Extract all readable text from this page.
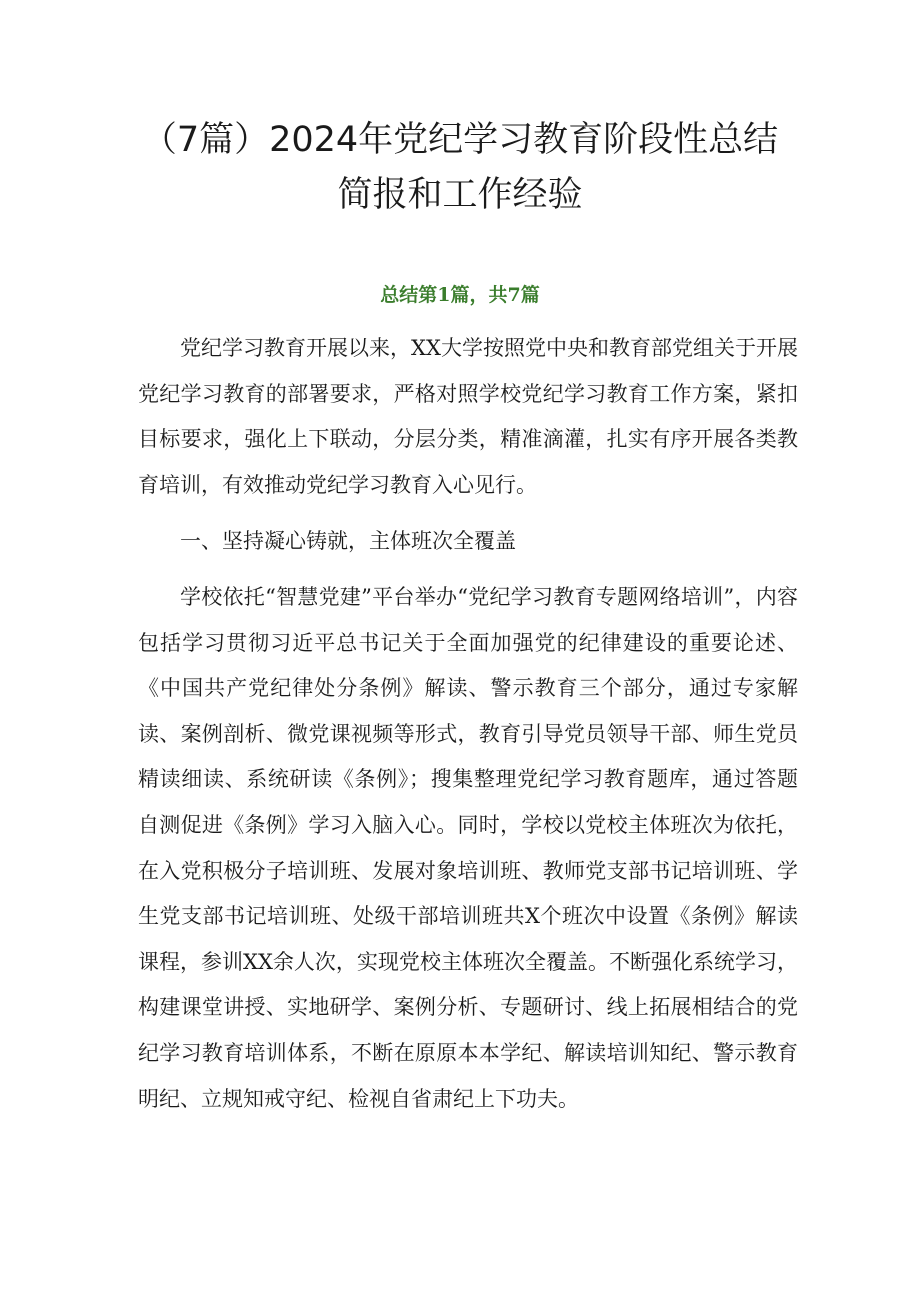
（7篇）2024年党纪学习教育阶段性总结
简报和工作经验
总结第1篇，共7篇

党纪学习教育开展以来，XX大学按照党中央和教育部党组关于开展党纪学习教育的部署要求，严格对照学校党纪学习教育工作方案，紧扣目标要求，强化上下联动，分层分类，精准滴灌，扎实有序开展各类教育培训，有效推动党纪学习教育入心见行。

一、坚持凝心铸就，主体班次全覆盖

学校依托“智慧党建”平台举办“党纪学习教育专题网络培训”，内容包括学习贯彻习近平总书记关于全面加强党的纪律建设的重要论述、《中国共产党纪律处分条例》解读、警示教育三个部分，通过专家解读、案例剖析、微党课视频等形式，教育引导党员领导干部、师生党员精读细读、系统研读《条例》；搜集整理党纪学习教育题库，通过答题自测促进《条例》学习入脑入心。同时，学校以党校主体班次为依托，在入党积极分子培训班、发展对象培训班、教师党支部书记培训班、学生党支部书记培训班、处级干部培训班共X个班次中设置《条例》解读课程，参训XX余人次，实现党校主体班次全覆盖。不断强化系统学习，构建课堂讲授、实地研学、案例分析、专题研讨、线上拓展相结合的党纪学习教育培训体系，不断在原原本本学纪、解读培训知纪、警示教育明纪、立规知戒守纪、检视自省肃纪上下功夫。
